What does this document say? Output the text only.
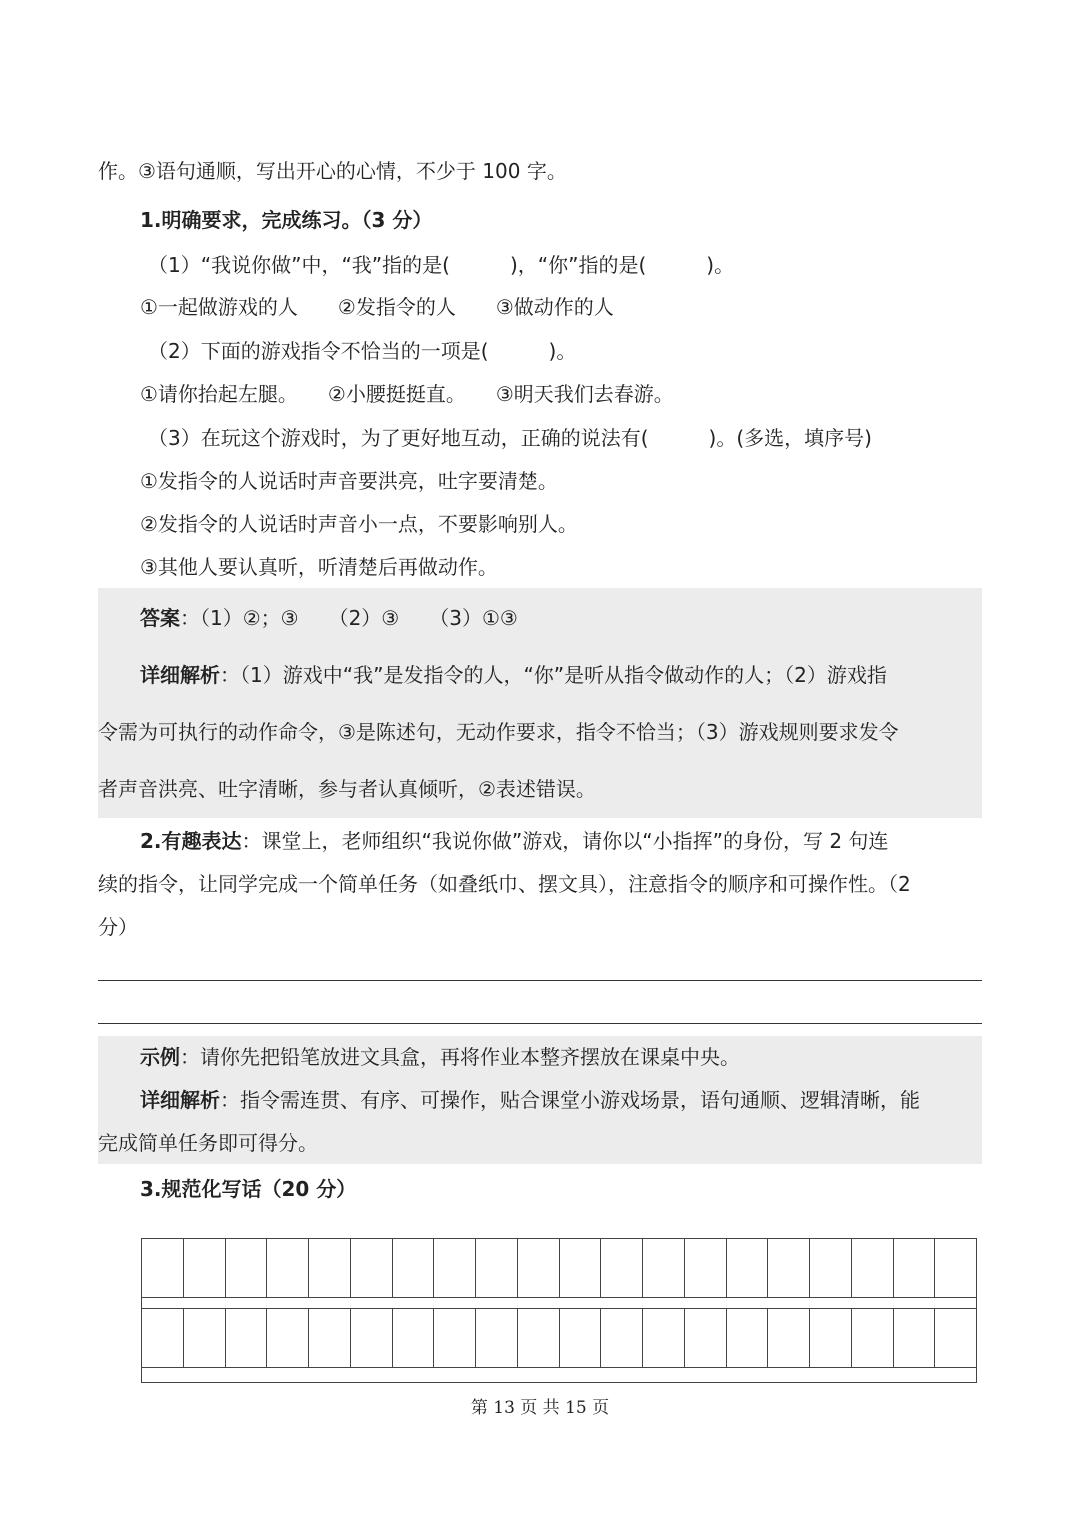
作。③语句通顺，写出开心的心情，不少于 100 字。
1.明确要求，完成练习。（3 分）
（1）“我说你做”中，“我”指的是(　　　)，“你”指的是(　　　)。
①一起做游戏的人　　②发指令的人　　③做动作的人
（2）下面的游戏指令不恰当的一项是(　　　)。
①请你抬起左腿。　　②小腰挺挺直。　　③明天我们去春游。
（3）在玩这个游戏时，为了更好地互动，正确的说法有(　　　)。(多选，填序号)
①发指令的人说话时声音要洪亮，吐字要清楚。
②发指令的人说话时声音小一点，不要影响别人。
③其他人要认真听，听清楚后再做动作。
答案：（1）②；③　　（2）③　　（3）①③
详细解析：（1）游戏中“我”是发指令的人，“你”是听从指令做动作的人；（2）游戏指
令需为可执行的动作命令，③是陈述句，无动作要求，指令不恰当；（3）游戏规则要求发令
者声音洪亮、吐字清晰，参与者认真倾听，②表述错误。
2.有趣表达：课堂上，老师组织“我说你做”游戏，请你以“小指挥”的身份，写 2 句连
续的指令，让同学完成一个简单任务（如叠纸巾、摆文具），注意指令的顺序和可操作性。（2
分）
示例：请你先把铅笔放进文具盒，再将作业本整齐摆放在课桌中央。
详细解析：指令需连贯、有序、可操作，贴合课堂小游戏场景，语句通顺、逻辑清晰，能
完成简单任务即可得分。
3.规范化写话（20 分）

第 13 页 共 15 页
